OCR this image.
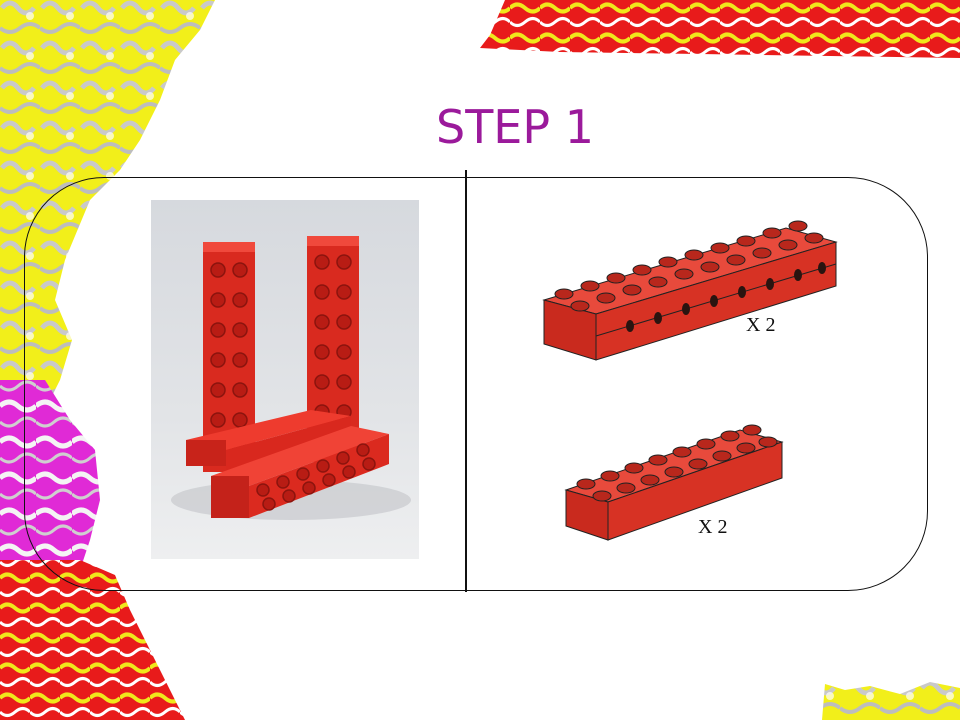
STEP 1
X 2
X 2
